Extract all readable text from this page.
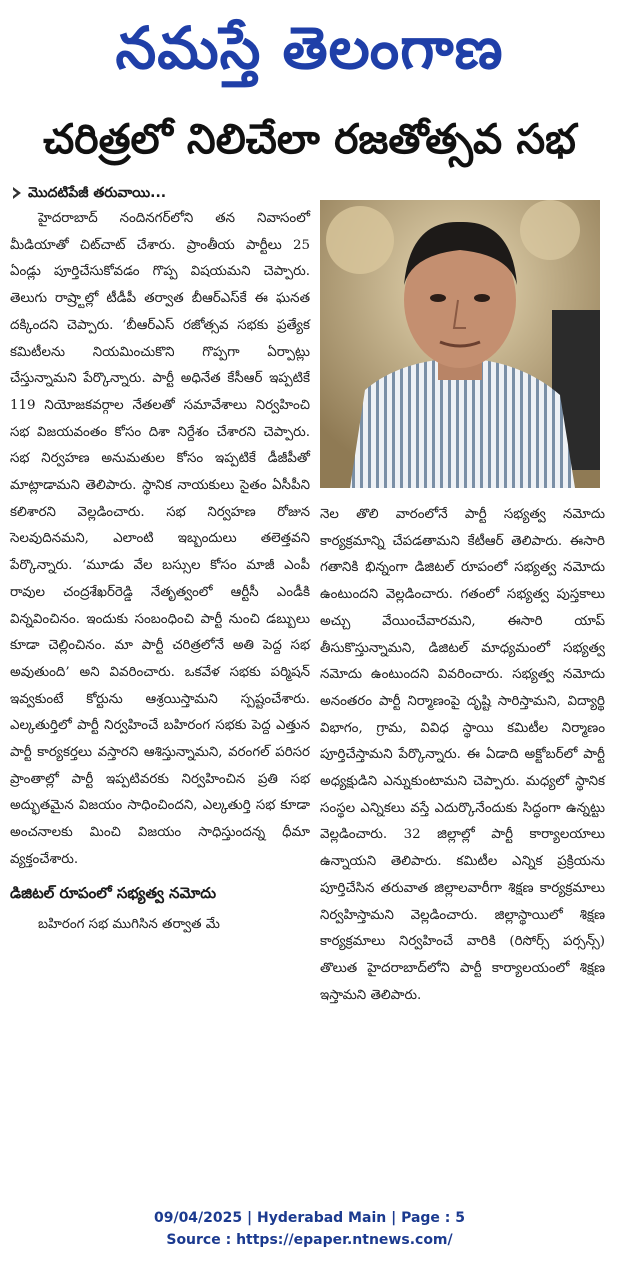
నమస్తే తెలంగాణ
చరిత్రలో నిలిచేలా రజతోత్సవ సభ
మొదటిపేజీ తరువాయి...

హైదరాబాద్ నందినగర్‌లోని తన నివాసంలో మీడియాతో చిట్‌చాట్ చేశారు. ప్రాంతీయ పార్టీలు 25 ఏండ్లు పూర్తిచేసుకోవడం గొప్ప విషయమని చెప్పారు. తెలుగు రాష్ర్టాల్లో టీడీపీ తర్వాత బీఆర్‌ఎస్‌కే ఈ ఘనత దక్కిందని చెప్పారు. ‘బీఆర్‌ఎస్ రజోత్సవ సభకు ప్రత్యేక కమిటీలను నియమించుకొని గొప్పగా ఏర్పాట్లు చేస్తున్నామని పేర్కొన్నారు. పార్టీ అధినేత కేసీఆర్ ఇప్పటికే 119 నియోజకవర్గాల నేతలతో సమావేశాలు నిర్వహించి సభ విజయవంతం కోసం దిశా నిర్దేశం చేశారని చెప్పారు. సభ నిర్వహణ అనుమతుల కోసం ఇప్పటికే డీజీపీతో మాట్లాడామని తెలిపారు. స్థానిక నాయకులు సైతం ఏసీపీని కలిశారని వెల్లడించారు. సభ నిర్వహణ రోజున సెలవుదినమని, ఎలాంటి ఇబ్బందులు తలెత్తవని పేర్కొన్నారు. ‘మూడు వేల బస్సుల కోసం మాజీ ఎంపీ రావుల చంద్రశేఖర్‌రెడ్డి నేతృత్వంలో ఆర్టీసీ ఎండీకి విన్నవించినం. ఇందుకు సంబంధించి పార్టీ నుంచి డబ్బులు కూడా చెల్లించినం. మా పార్టీ చరిత్రలోనే అతి పెద్ద సభ అవుతుంది’ అని వివరించారు. ఒకవేళ సభకు పర్మిషన్ ఇవ్వకుంటే కోర్టును ఆశ్రయిస్తామని స్పష్టంచేశారు. ఎల్కతుర్తిలో పార్టీ నిర్వహించే బహిరంగ సభకు పెద్ద ఎత్తున పార్టీ కార్యకర్తలు వస్తారని ఆశిస్తున్నామని, వరంగల్ పరిసర ప్రాంతాల్లో పార్టీ ఇప్పటివరకు నిర్వహించిన ప్రతి సభ అద్భుతమైన విజయం సాధించిందని, ఎల్కతుర్తి సభ కూడా అంచనాలకు మించి విజయం సాధిస్తుందన్న ధీమా వ్యక్తంచేశారు.

డిజిటల్ రూపంలో సభ్యత్వ నమోదు

బహిరంగ సభ ముగిసిన తర్వాత మే

నెల తొలి వారంలోనే పార్టీ సభ్యత్వ నమోదు కార్యక్రమాన్ని చేపడతామని కేటీఆర్ తెలిపారు. ఈసారి గతానికి భిన్నంగా డిజిటల్ రూపంలో సభ్యత్వ నమోదు ఉంటుందని వెల్లడించారు. గతంలో సభ్యత్వ పుస్తకాలు అచ్చు వేయించేవారమని, ఈసారి యాప్ తీసుకొస్తున్నామని, డిజిటల్ మాధ్యమంలో సభ్యత్వ నమోదు ఉంటుందని వివరించారు. సభ్యత్వ నమోదు అనంతరం పార్టీ నిర్మాణంపై దృష్టి సారిస్తామని, విద్యార్థి విభాగం, గ్రామ, వివిధ స్థాయి కమిటీల నిర్మాణం పూర్తిచేస్తామని పేర్కొన్నారు. ఈ ఏడాది అక్టోబర్‌లో పార్టీ అధ్యక్షుడిని ఎన్నుకుంటామని చెప్పారు. మధ్యలో స్థానిక సంస్థల ఎన్నికలు వస్తే ఎదుర్కొనేందుకు సిద్ధంగా ఉన్నట్టు వెల్లడించారు. 32 జిల్లాల్లో పార్టీ కార్యాలయాలు ఉన్నాయని తెలిపారు. కమిటీల ఎన్నిక ప్రక్రియను పూర్తిచేసిన తరువాత జిల్లాలవారీగా శిక్షణ కార్యక్రమాలు నిర్వహిస్తామని వెల్లడించారు. జిల్లాస్థాయిలో శిక్షణ కార్యక్రమాలు నిర్వహించే వారికి (రిసోర్స్ పర్సన్స్) తొలుత హైదరాబాద్‌లోని పార్టీ కార్యాలయంలో శిక్షణ ఇస్తామని తెలిపారు.

09/04/2025 | Hyderabad Main | Page : 5
Source : https://epaper.ntnews.com/
